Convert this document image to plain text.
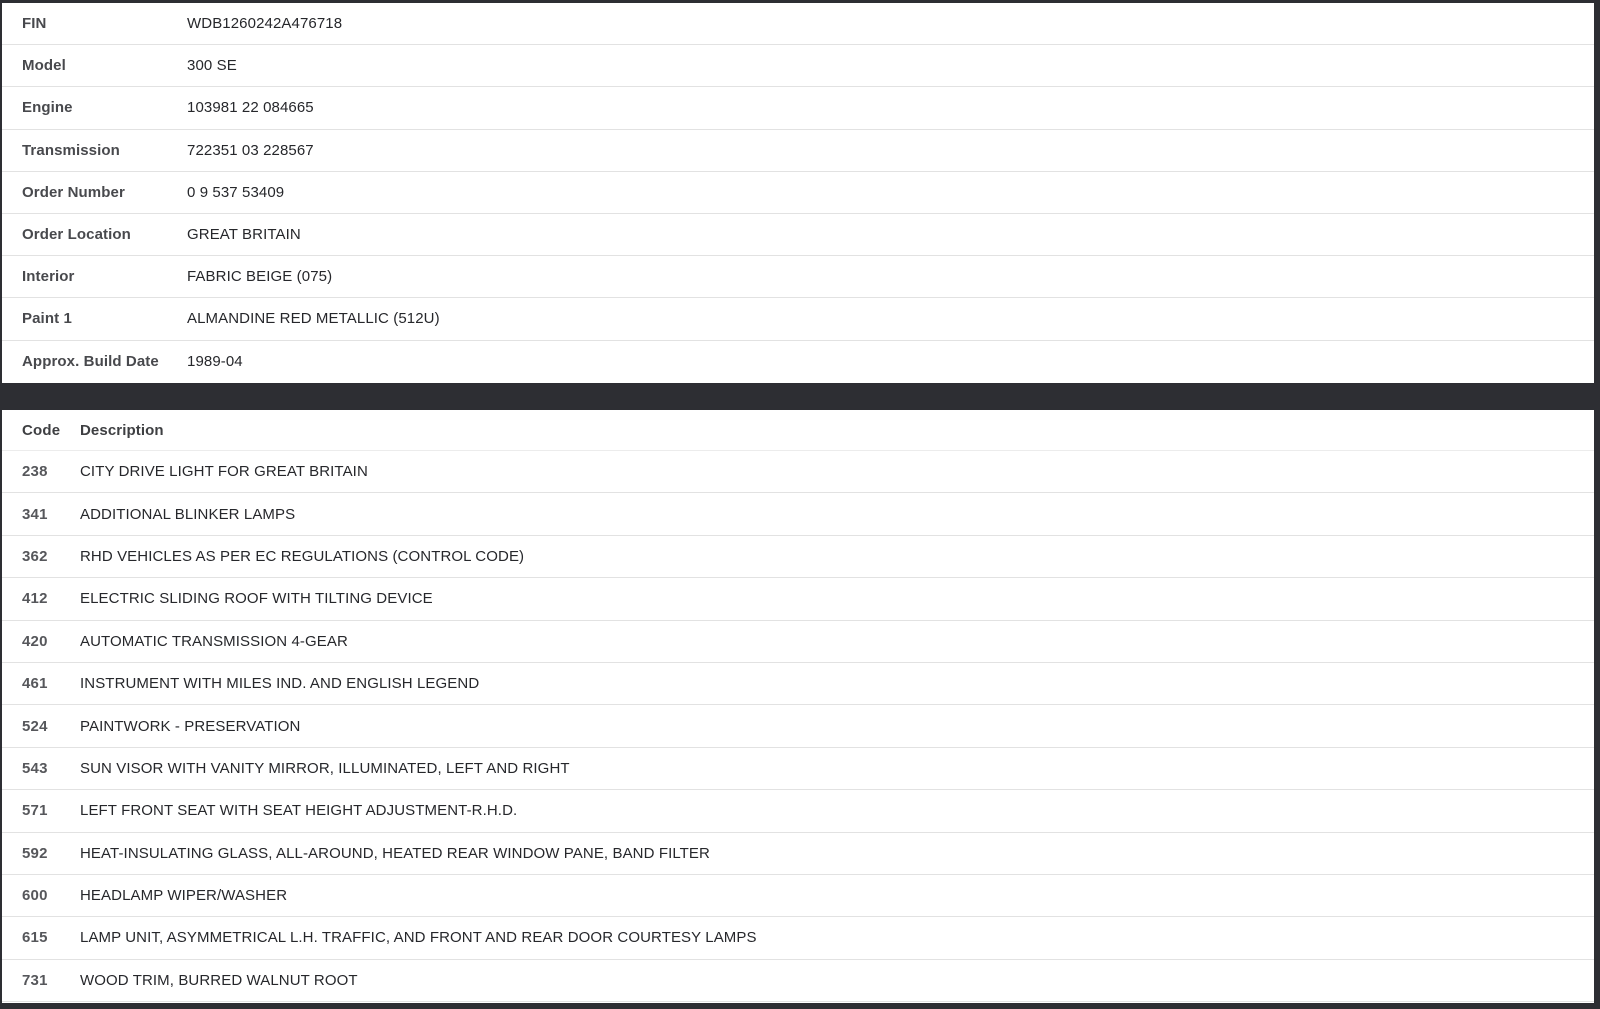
FIN	WDB1260242A476718
Model	300 SE
Engine	103981 22 084665
Transmission	722351 03 228567
Order Number	0 9 537 53409
Order Location	GREAT BRITAIN
Interior	FABRIC BEIGE (075)
Paint 1	ALMANDINE RED METALLIC (512U)
Approx. Build Date	1989-04
Code	Description
238	CITY DRIVE LIGHT FOR GREAT BRITAIN
341	ADDITIONAL BLINKER LAMPS
362	RHD VEHICLES AS PER EC REGULATIONS (CONTROL CODE)
412	ELECTRIC SLIDING ROOF WITH TILTING DEVICE
420	AUTOMATIC TRANSMISSION 4-GEAR
461	INSTRUMENT WITH MILES IND. AND ENGLISH LEGEND
524	PAINTWORK - PRESERVATION
543	SUN VISOR WITH VANITY MIRROR, ILLUMINATED, LEFT AND RIGHT
571	LEFT FRONT SEAT WITH SEAT HEIGHT ADJUSTMENT-R.H.D.
592	HEAT-INSULATING GLASS, ALL-AROUND, HEATED REAR WINDOW PANE, BAND FILTER
600	HEADLAMP WIPER/WASHER
615	LAMP UNIT, ASYMMETRICAL L.H. TRAFFIC, AND FRONT AND REAR DOOR COURTESY LAMPS
731	WOOD TRIM, BURRED WALNUT ROOT
